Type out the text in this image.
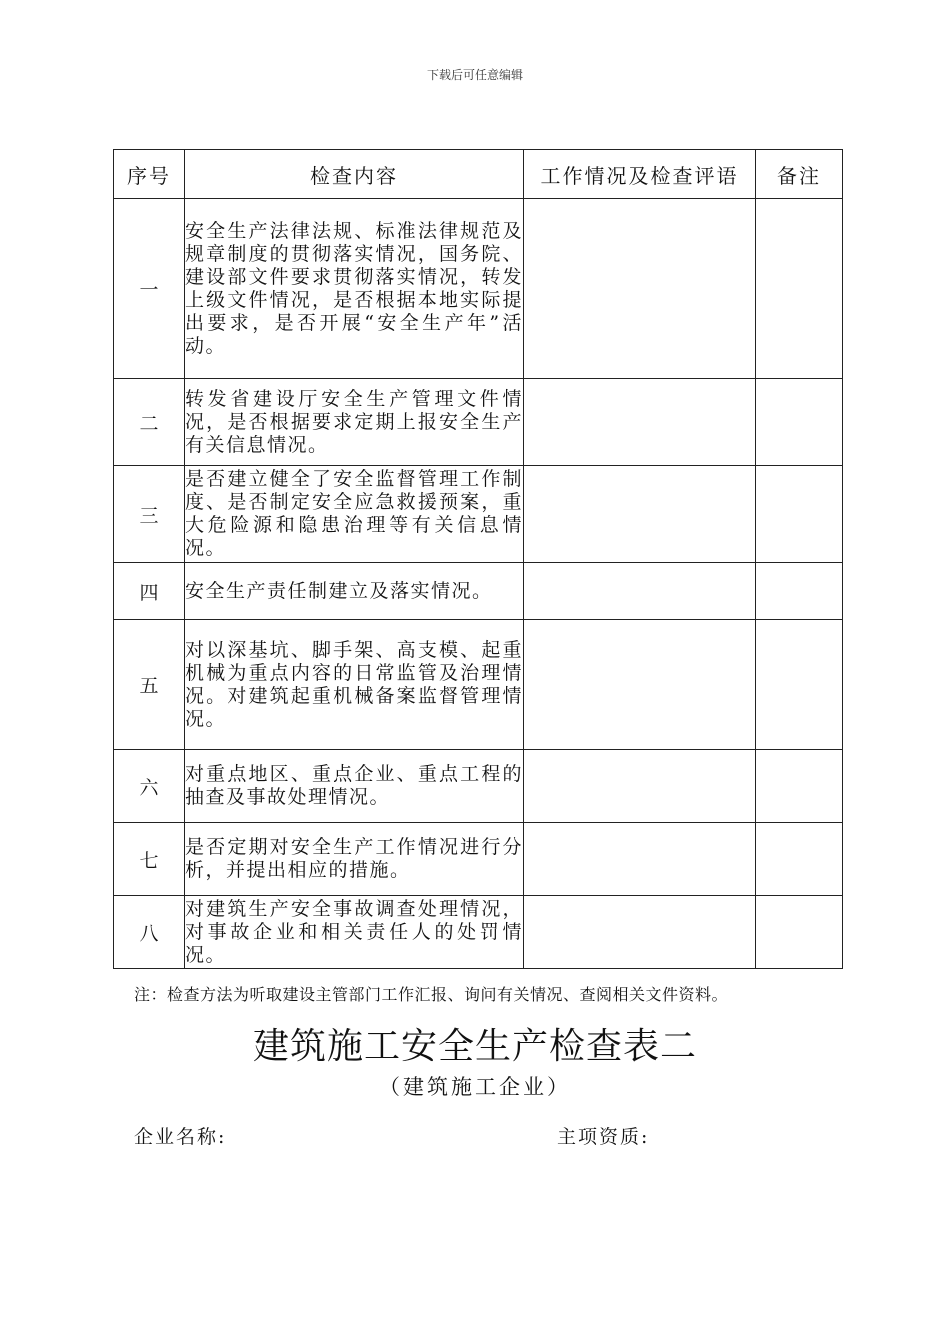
下载后可任意编辑
序号	检查内容	工作情况及检查评语	备注
一	安全生产法律法规、标准法律规范及规章制度的贯彻落实情况，国务院、建设部文件要求贯彻落实情况，转发上级文件情况，是否根据本地实际提出要求，是否开展“安全生产年”活动。		
二	转发省建设厅安全生产管理文件情况，是否根据要求定期上报安全生产有关信息情况。		
三	是否建立健全了安全监督管理工作制度、是否制定安全应急救援预案，重大危险源和隐患治理等有关信息情况。		
四	安全生产责任制建立及落实情况。		
五	对以深基坑、脚手架、高支模、起重机械为重点内容的日常监管及治理情况。对建筑起重机械备案监督管理情况。		
六	对重点地区、重点企业、重点工程的抽查及事故处理情况。		
七	是否定期对安全生产工作情况进行分析，并提出相应的措施。		
八	对建筑生产安全事故调查处理情况，对事故企业和相关责任人的处罚情况。		
注：检查方法为听取建设主管部门工作汇报、询问有关情况、查阅相关文件资料。
建筑施工安全生产检查表二
（建筑施工企业）
企业名称:	主项资质:
